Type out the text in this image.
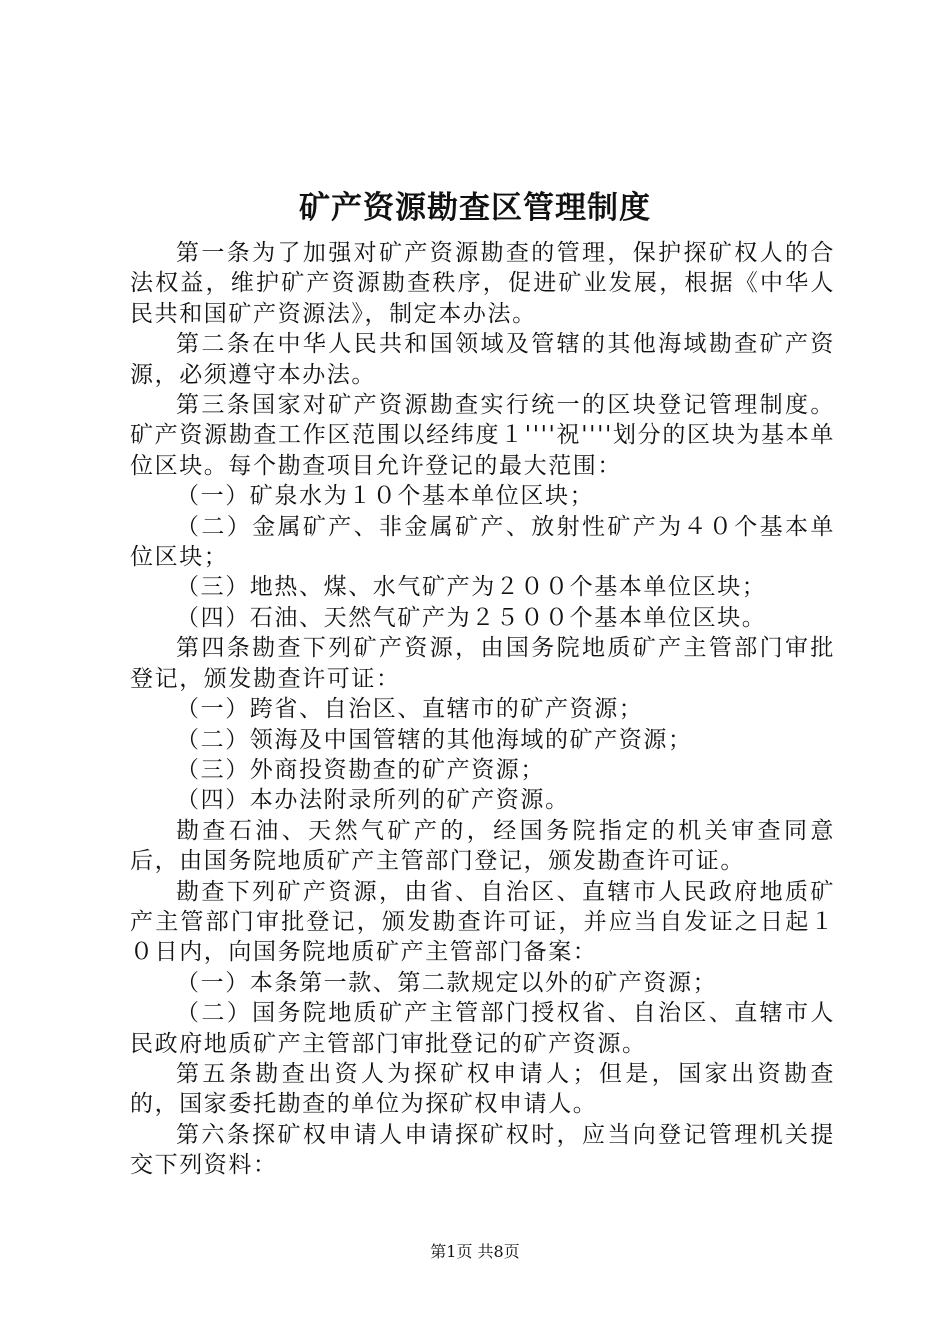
矿产资源勘查区管理制度

第一条为了加强对矿产资源勘查的管理，保护探矿权人的合法权益，维护矿产资源勘查秩序，促进矿业发展，根据《中华人民共和国矿产资源法》，制定本办法。

第二条在中华人民共和国领域及管辖的其他海域勘查矿产资源，必须遵守本办法。

第三条国家对矿产资源勘查实行统一的区块登记管理制度。矿产资源勘查工作区范围以经纬度１''''祝''''划分的区块为基本单位区块。每个勘查项目允许登记的最大范围：

（一）矿泉水为１０个基本单位区块；

（二）金属矿产、非金属矿产、放射性矿产为４０个基本单位区块；

（三）地热、煤、水气矿产为２００个基本单位区块；

（四）石油、天然气矿产为２５００个基本单位区块。

第四条勘查下列矿产资源，由国务院地质矿产主管部门审批登记，颁发勘查许可证：

（一）跨省、自治区、直辖市的矿产资源；

（二）领海及中国管辖的其他海域的矿产资源；

（三）外商投资勘查的矿产资源；

（四）本办法附录所列的矿产资源。

勘查石油、天然气矿产的，经国务院指定的机关审查同意后，由国务院地质矿产主管部门登记，颁发勘查许可证。

勘查下列矿产资源，由省、自治区、直辖市人民政府地质矿产主管部门审批登记，颁发勘查许可证，并应当自发证之日起１０日内，向国务院地质矿产主管部门备案：

（一）本条第一款、第二款规定以外的矿产资源；

（二）国务院地质矿产主管部门授权省、自治区、直辖市人民政府地质矿产主管部门审批登记的矿产资源。

第五条勘查出资人为探矿权申请人；但是，国家出资勘查的，国家委托勘查的单位为探矿权申请人。

第六条探矿权申请人申请探矿权时，应当向登记管理机关提交下列资料：

第1页 共8页
